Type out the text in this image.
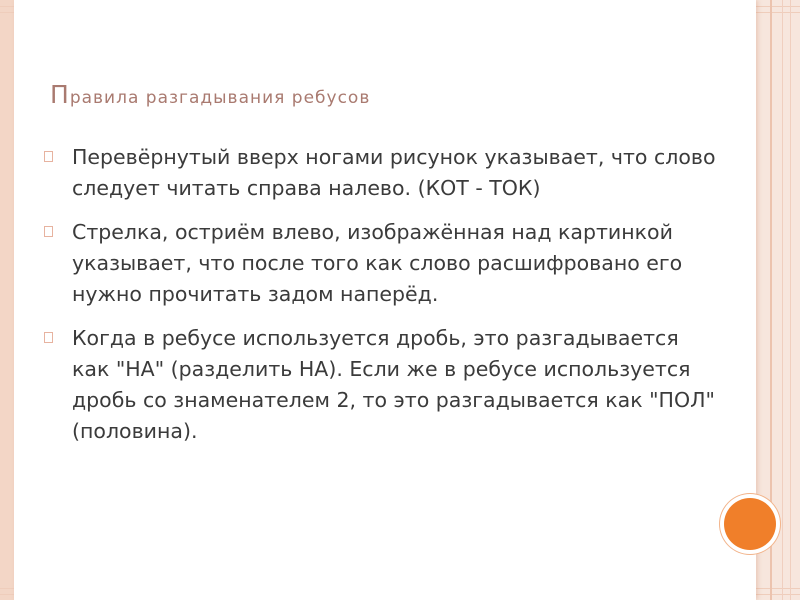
Правила разгадывания ребусов
Перевёрнутый вверх ногами рисунок указывает, что слово следует читать справа налево. (КОТ - ТОК)
Стрелка, остриём влево, изображённая над картинкой указывает, что после того как слово расшифровано его нужно прочитать задом наперёд.
Когда в ребусе используется дробь, это разгадывается как "НА" (разделить НА). Если же в ребусе используется дробь со знаменателем 2, то это разгадывается как "ПОЛ" (половина).
